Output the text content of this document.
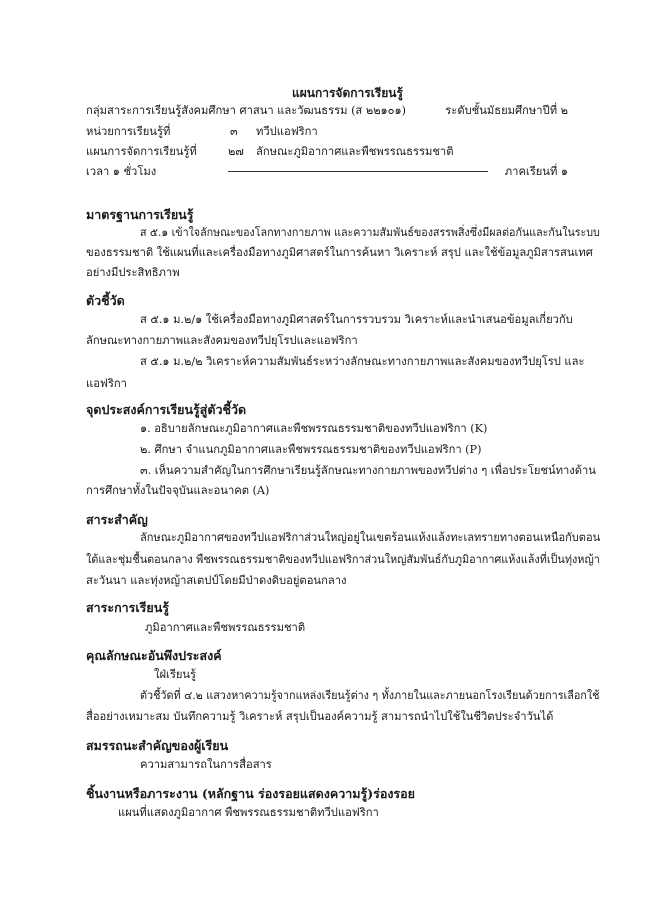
แผนการจัดการเรียนรู้
กลุ่มสาระการเรียนรู้สังคมศึกษา ศาสนา และวัฒนธรรม (ส ๒๒๑๐๑)	ระดับชั้นมัธยมศึกษาปีที่ ๒
หน่วยการเรียนรู้ที่	๓ ทวีปแอฟริกา
แผนการจัดการเรียนรู้ที่	๒๗ ลักษณะภูมิอากาศและพืชพรรณธรรมชาติ
เวลา ๑ ชั่วโมง	ภาคเรียนที่ ๑
มาตรฐานการเรียนรู้
ส ๕.๑ เข้าใจลักษณะของโลกทางกายภาพ และความสัมพันธ์ของสรรพสิ่งซึ่งมีผลต่อกันและกันในระบบ
ของธรรมชาติ ใช้แผนที่และเครื่องมือทางภูมิศาสตร์ในการค้นหา วิเคราะห์ สรุป และใช้ข้อมูลภูมิสารสนเทศ
อย่างมีประสิทธิภาพ
ตัวชี้วัด
ส ๕.๑ ม.๒/๑ ใช้เครื่องมือทางภูมิศาสตร์ในการรวบรวม วิเคราะห์และนำเสนอข้อมูลเกี่ยวกับ
ลักษณะทางกายภาพและสังคมของทวีปยุโรปและแอฟริกา
ส ๕.๑ ม.๒/๒ วิเคราะห์ความสัมพันธ์ระหว่างลักษณะทางกายภาพและสังคมของทวีปยุโรป และ
แอฟริกา
จุดประสงค์การเรียนรู้สู่ตัวชี้วัด
๑. อธิบายลักษณะภูมิอากาศและพืชพรรณธรรมชาติของทวีปแอฟริกา (K)
๒. ศึกษา จำแนกภูมิอากาศและพืชพรรณธรรมชาติของทวีปแอฟริกา (P)
๓. เห็นความสำคัญในการศึกษาเรียนรู้ลักษณะทางกายภาพของทวีปต่าง ๆ เพื่อประโยชน์ทางด้าน
การศึกษาทั้งในปัจจุบันและอนาคต (A)
สาระสำคัญ
ลักษณะภูมิอากาศของทวีปแอฟริกาส่วนใหญ่อยู่ในเขตร้อนแห้งแล้งทะเลทรายทางตอนเหนือกับตอน
ใต้และชุ่มชื้นตอนกลาง พืชพรรณธรรมชาติของทวีปแอฟริกาส่วนใหญ่สัมพันธ์กับภูมิอากาศแห้งแล้งที่เป็นทุ่งหญ้า
สะวันนา และทุ่งหญ้าสเตปป์โดยมีป่าดงดิบอยู่ตอนกลาง
สาระการเรียนรู้
ภูมิอากาศและพืชพรรณธรรมชาติ
คุณลักษณะอันพึงประสงค์
ใฝ่เรียนรู้
ตัวชี้วัดที่ ๔.๒ แสวงหาความรู้จากแหล่งเรียนรู้ต่าง ๆ ทั้งภายในและภายนอกโรงเรียนด้วยการเลือกใช้
สื่ออย่างเหมาะสม บันทึกความรู้ วิเคราะห์ สรุปเป็นองค์ความรู้ สามารถนำไปใช้ในชีวิตประจำวันได้
สมรรถนะสำคัญของผู้เรียน
ความสามารถในการสื่อสาร
ชิ้นงานหรือภาระงาน (หลักฐาน ร่องรอยแสดงความรู้)ร่องรอย
แผนที่แสดงภูมิอากาศ พืชพรรณธรรมชาติทวีปแอฟริกา
